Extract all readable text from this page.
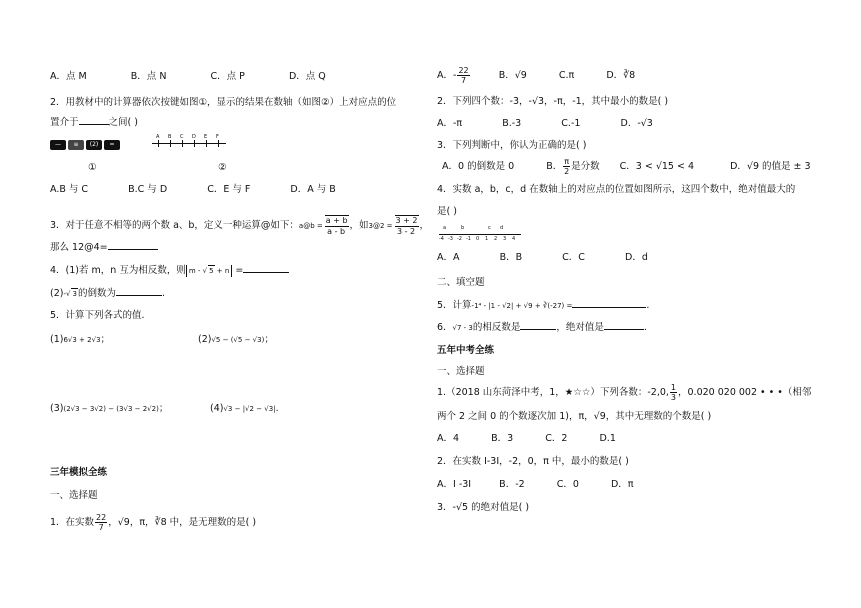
A．点 M	B．点 N	C．点 P	D．点 Q
2．用教材中的计算器依次按键如图①，显示的结果在数轴（如图②）上对应点的位
置介于	之间( )
—	≡	(2)	=
A B C D E F
①	②
A.B 与 C	B.C 与 D	C．E 与 F	D．A 与 B
3．对于任意不相等的两个数 a、b，定义一种运算@如下：a@b = $\frac{a + b}{a - b}$ ，如3@2 = $\frac{3 + 2}{3 - 2}$ ，
那么 12@4=
4．(1)若 m，n 互为相反数，则 m - √ 5 + n =
(2)-√ 3的倒数为	.
5．计算下列各式的值.
(1)6√3 + 2√3；	(2)√5 − (√5 − √3)；
(3)(2√3 − 3√2) − (3√3 − 2√2)；	(4)√3 − |√2 − √3|.
三年模拟全练
一、选择题
1．在实数 $\frac{22}{7}$ ，√9，π，∛8 中，是无理数的是( )
A．- $\frac{22}{7}$	B．√9	C.π	D．∛8
2．下列四个数：-3，-√3，-π，-1，其中最小的数是( )
A．-π	B.-3	C.-1	D．-√3
3．下列判断中，你认为正确的是( )
A．0 的倒数是 0	B． $\frac{\pi}{2}$ 是分数 C．3 < √15 < 4	D．√9 的值是 ± 3
4．实数 a，b，c，d 在数轴上的对应点的位置如图所示，这四个数中，绝对值最大的
是( )
a	b	c d
-4 -3 -2 -1 0 1 2 3 4
A．A	B．B	C．C	D．d
二、填空题
5．计算-1⁴ - |1 - √2| + √9 + ∛(-27) =	.
6．√7 - 3的相反数是	，绝对值是	.
五年中考全练
一、选择题
1.（2018 山东菏泽中考，1，★☆☆）下列各数：-2,0, $\frac{1}{3}$ ，0.020 020 002 • • •（相邻
两个 2 之间 0 的个数逐次加 1)，π，√9，其中无理数的个数是( )
A．4	B．3	C．2	D.1
2．在实数 I-3I，-2，0，π 中，最小的数是( )
A．I -3I	B．-2	C．0	D．π
3．-√5 的绝对值是( )
